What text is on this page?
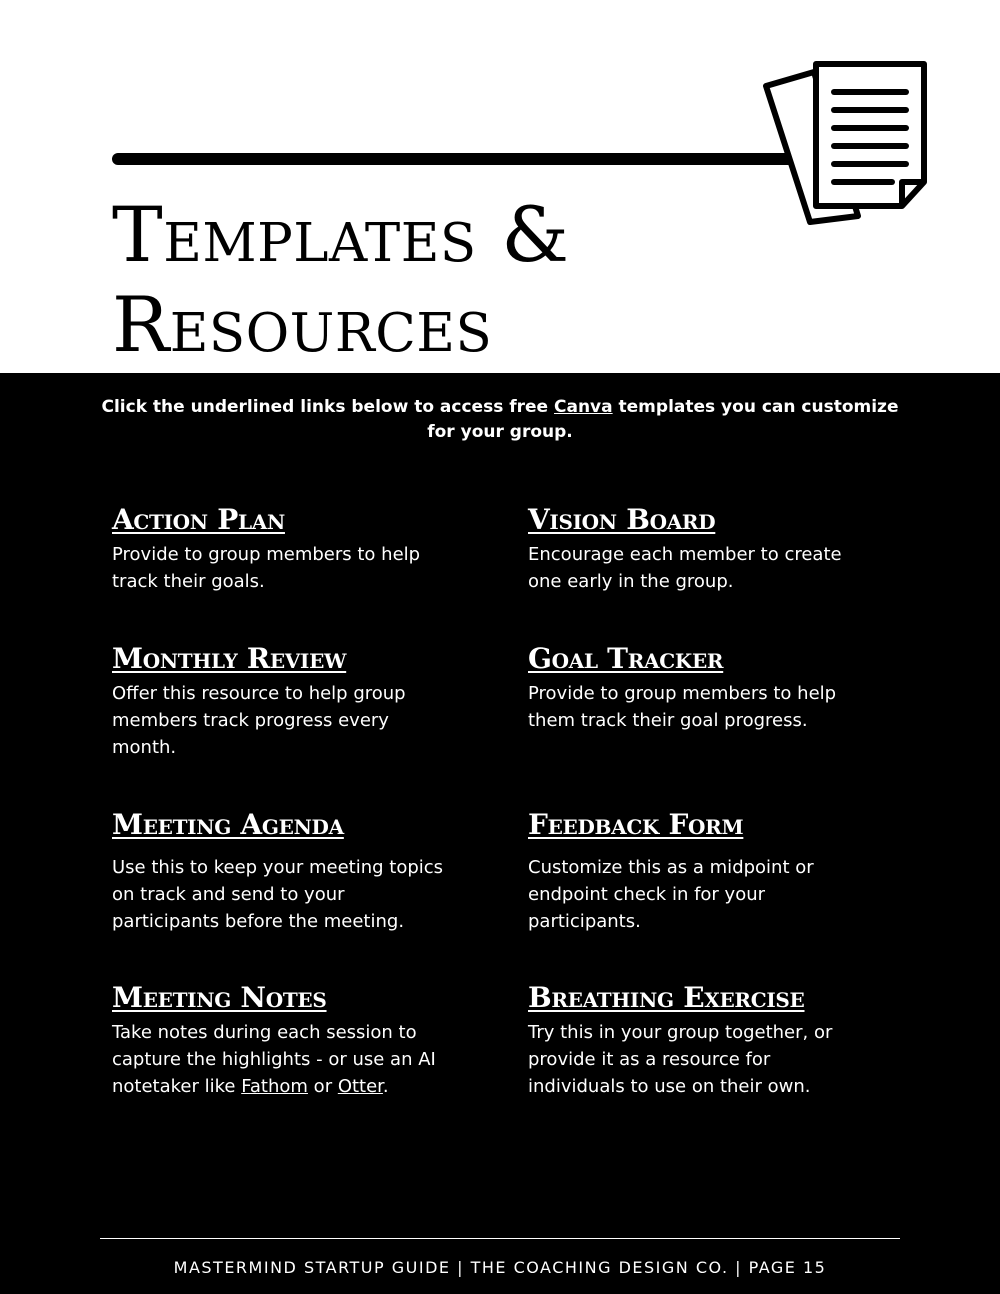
Templates &
Resources
Click the underlined links below to access free Canva templates you can customize for your group.
Action Plan
Provide to group members to help track their goals.
Vision Board
Encourage each member to create one early in the group.
Monthly Review
Offer this resource to help group members track progress every month.
Goal Tracker
Provide to group members to help them track their goal progress.
Meeting Agenda
Use this to keep your meeting topics on track and send to your participants before the meeting.
Feedback Form
Customize this as a midpoint or endpoint check in for your participants.
Meeting Notes
Take notes during each session to capture the highlights - or use an AI notetaker like Fathom or Otter.
Breathing Exercise
Try this in your group together, or provide it as a resource for individuals to use on their own.
MASTERMIND STARTUP GUIDE | THE COACHING DESIGN CO. | PAGE 15
